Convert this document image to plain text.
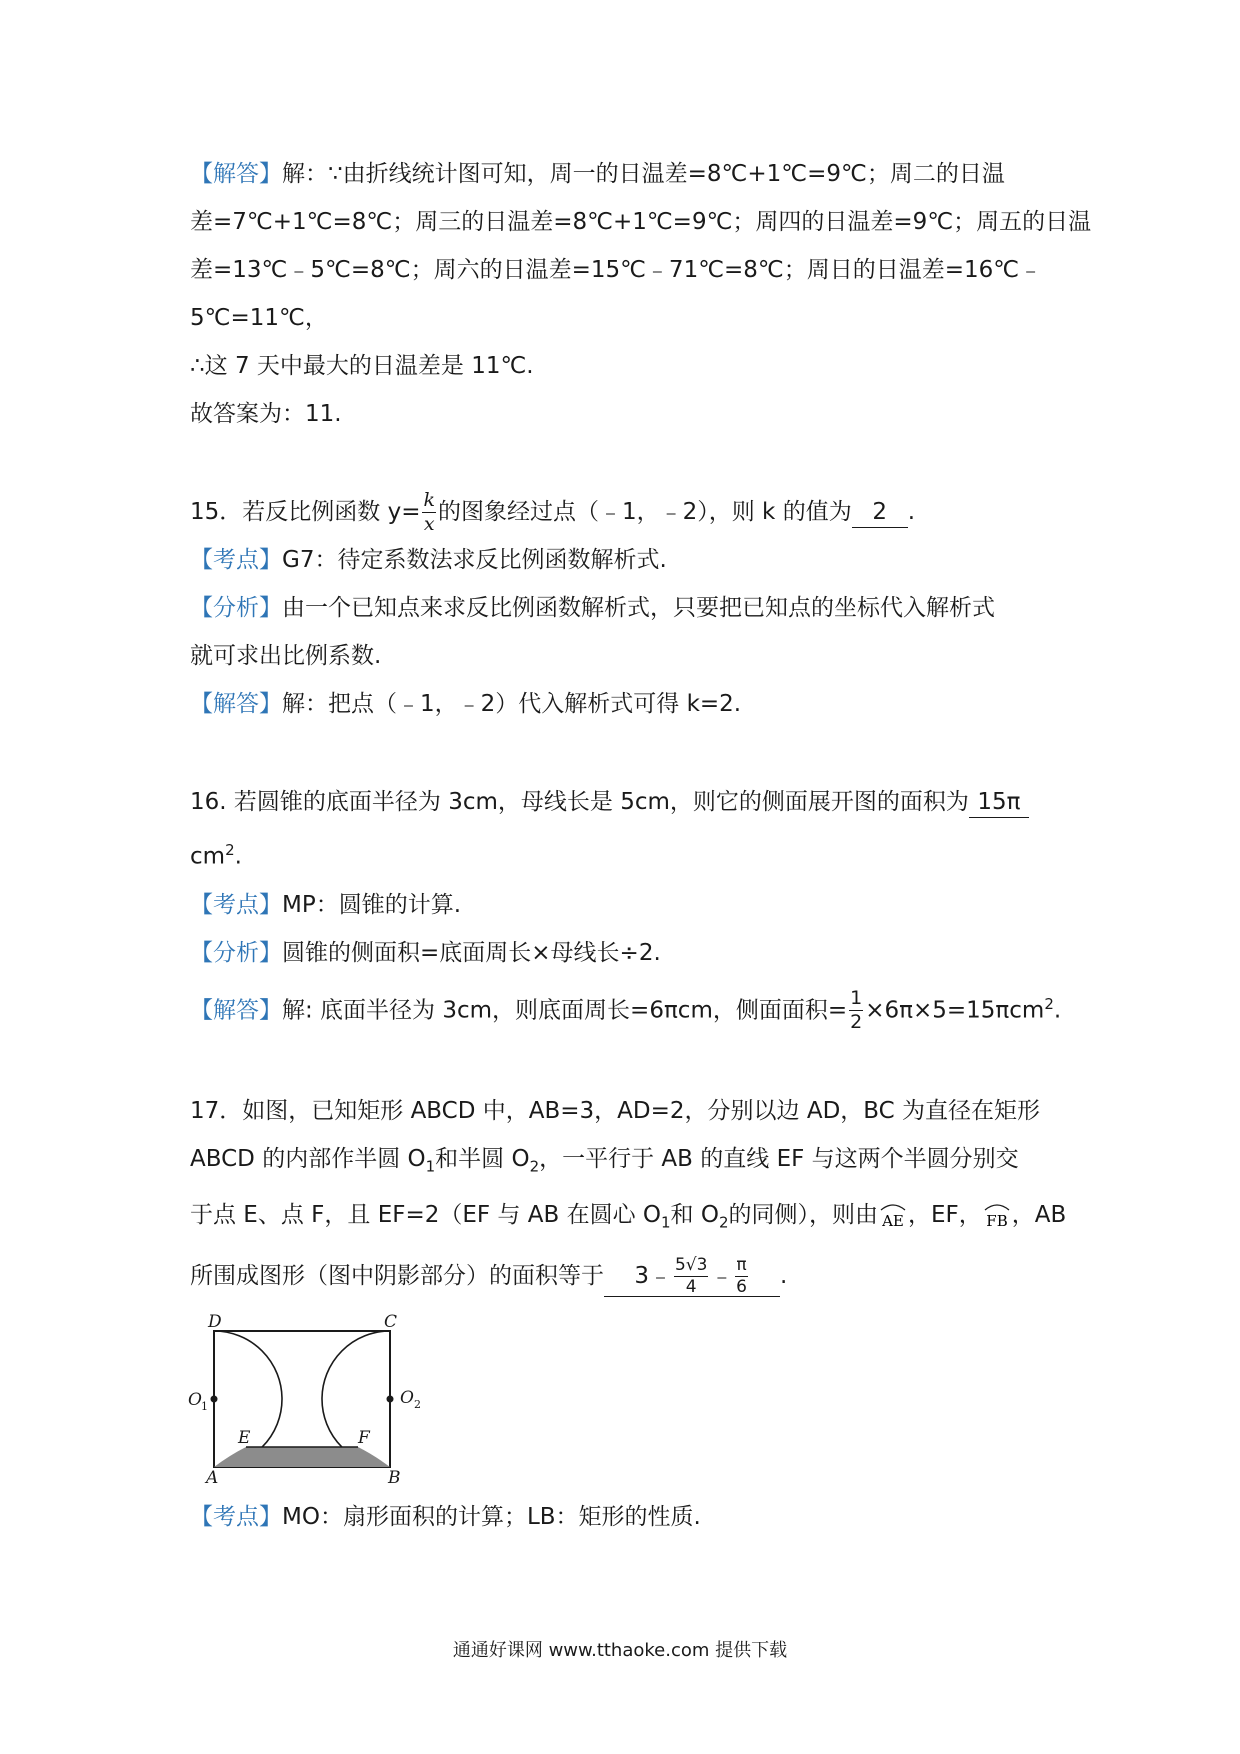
【解答】解：∵由折线统计图可知，周一的日温差=8℃+1℃=9℃；周二的日温
差=7℃+1℃=8℃；周三的日温差=8℃+1℃=9℃；周四的日温差=9℃；周五的日温
差=13℃﹣5℃=8℃；周六的日温差=15℃﹣71℃=8℃；周日的日温差=16℃﹣
5℃=11℃，
∴这 7 天中最大的日温差是 11℃.
故答案为：11.
15．若反比例函数 $y= \frac{k}{x}$ 的图象经过点（﹣1，﹣2），则 k 的值为 2 .
【考点】G7：待定系数法求反比例函数解析式.
【分析】由一个已知点来求反比例函数解析式，只要把已知点的坐标代入解析式
就可求出比例系数.
【解答】解：把点（﹣1，﹣2）代入解析式可得 k=2.
16. 若圆锥的底面半径为 3cm，母线长是 5cm，则它的侧面展开图的面积为 15π
$cm^2$.
【考点】MP：圆锥的计算.
【分析】圆锥的侧面积=底面周长×母线长÷2.
【解答】解: 底面半径为 3cm，则底面周长=6πcm，侧面面积= $\frac{1}{2} \times 6\pi\times 5=15\pi cm^2$.
17．如图，已知矩形 ABCD 中，AB=3，AD=2，分别以边 AD，BC 为直径在矩形
ABCD 的内部作半圆 $O_1$和半圆 $O_2$，一平行于 AB 的直线 EF 与这两个半圆分别交
于点 E、点 F，且 EF=2（EF 与 AB 在圆心 $O_1$和 $O_2$的同侧），则由 AE ，EF， FB ，AB
所围成图形（图中阴影部分）的面积等于 3﹣ $\frac{5√3}{4}$ ﹣ $\frac{\pi}{6}$ .
D	C
A	B
E	F
O	O
1	2
【考点】MO：扇形面积的计算；LB：矩形的性质.
通通好课网 www.tthaoke.com 提供下载
